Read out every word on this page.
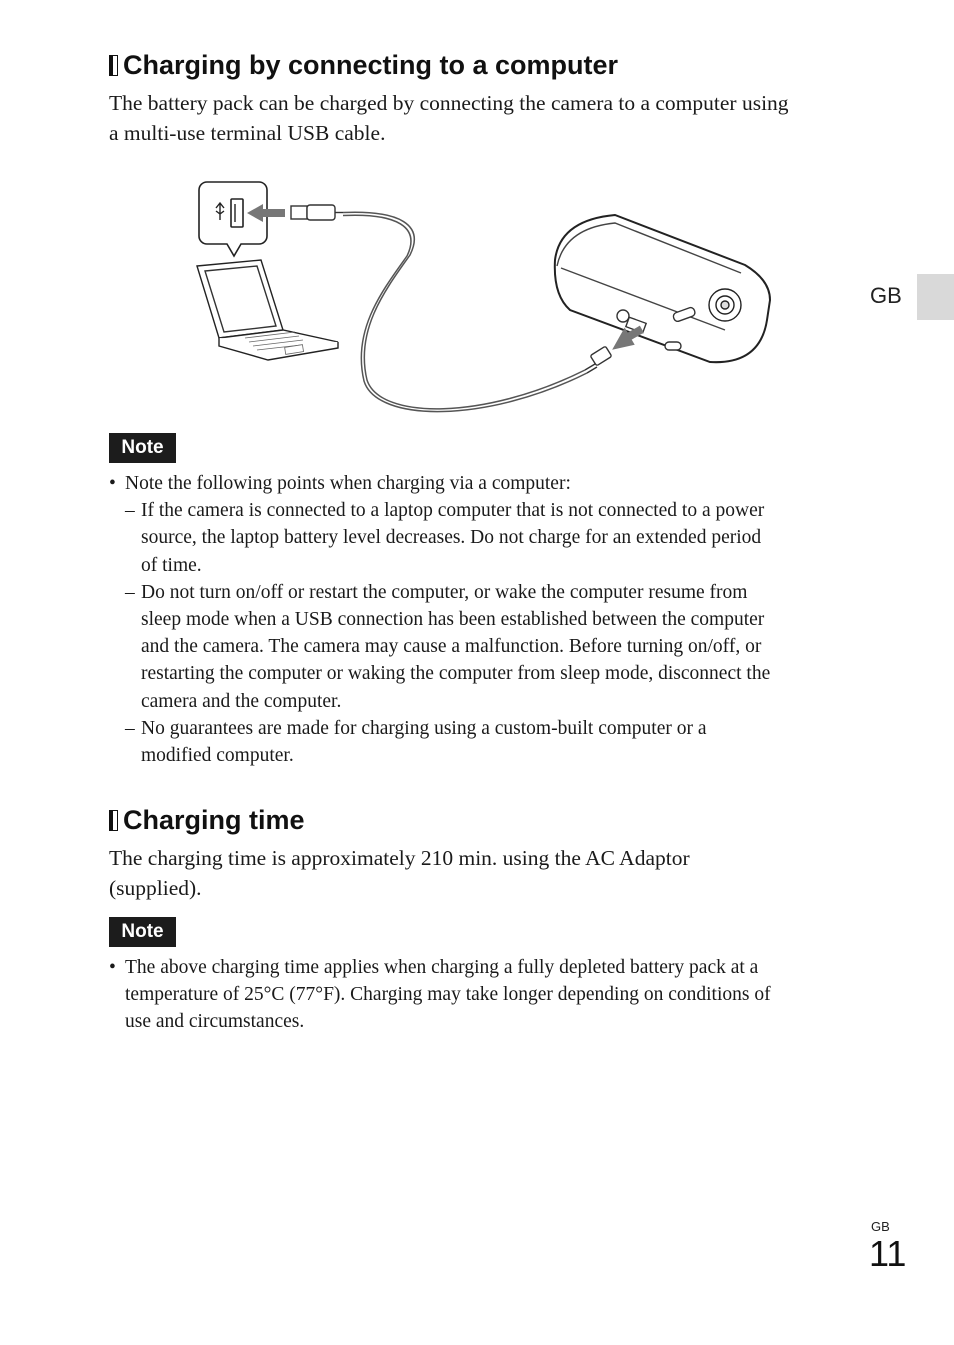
Charging by connecting to a computer
The battery pack can be charged by connecting the camera to a computer using
a multi-use terminal USB cable.
Note
• Note the following points when charging via a computer:
– If the camera is connected to a laptop computer that is not connected to a power
source, the laptop battery level decreases. Do not charge for an extended period
of time.
– Do not turn on/off or restart the computer, or wake the computer resume from
sleep mode when a USB connection has been established between the computer
and the camera. The camera may cause a malfunction. Before turning on/off, or
restarting the computer or waking the computer from sleep mode, disconnect the
camera and the computer.
– No guarantees are made for charging using a custom-built computer or a
modified computer.
Charging time
The charging time is approximately 210 min. using the AC Adaptor
(supplied).
Note
• The above charging time applies when charging a fully depleted battery pack at a
temperature of 25°C (77°F). Charging may take longer depending on conditions of
use and circumstances.
GB
GB
11
